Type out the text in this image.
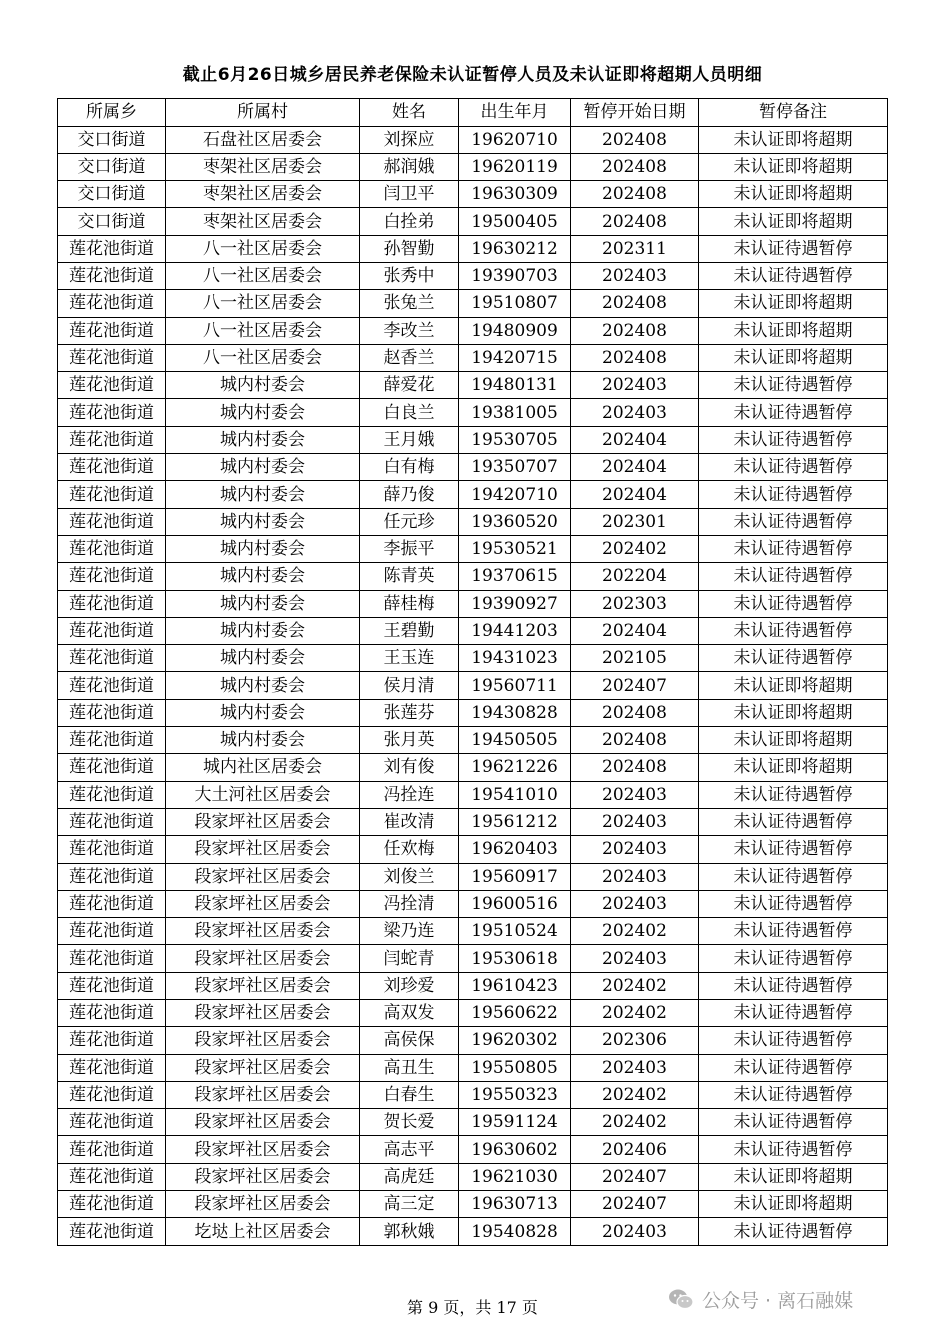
截止6月26日城乡居民养老保险未认证暂停人员及未认证即将超期人员明细
所属乡	所属村	姓名	出生年月	暂停开始日期	暂停备注
交口街道	石盘社区居委会	刘探应	19620710	202408	未认证即将超期
交口街道	枣架社区居委会	郝润娥	19620119	202408	未认证即将超期
交口街道	枣架社区居委会	闫卫平	19630309	202408	未认证即将超期
交口街道	枣架社区居委会	白拴弟	19500405	202408	未认证即将超期
莲花池街道	八一社区居委会	孙智勤	19630212	202311	未认证待遇暂停
莲花池街道	八一社区居委会	张秀中	19390703	202403	未认证待遇暂停
莲花池街道	八一社区居委会	张兔兰	19510807	202408	未认证即将超期
莲花池街道	八一社区居委会	李改兰	19480909	202408	未认证即将超期
莲花池街道	八一社区居委会	赵香兰	19420715	202408	未认证即将超期
莲花池街道	城内村委会	薛爱花	19480131	202403	未认证待遇暂停
莲花池街道	城内村委会	白良兰	19381005	202403	未认证待遇暂停
莲花池街道	城内村委会	王月娥	19530705	202404	未认证待遇暂停
莲花池街道	城内村委会	白有梅	19350707	202404	未认证待遇暂停
莲花池街道	城内村委会	薛乃俊	19420710	202404	未认证待遇暂停
莲花池街道	城内村委会	任元珍	19360520	202301	未认证待遇暂停
莲花池街道	城内村委会	李振平	19530521	202402	未认证待遇暂停
莲花池街道	城内村委会	陈青英	19370615	202204	未认证待遇暂停
莲花池街道	城内村委会	薛桂梅	19390927	202303	未认证待遇暂停
莲花池街道	城内村委会	王碧勤	19441203	202404	未认证待遇暂停
莲花池街道	城内村委会	王玉连	19431023	202105	未认证待遇暂停
莲花池街道	城内村委会	侯月清	19560711	202407	未认证即将超期
莲花池街道	城内村委会	张莲芬	19430828	202408	未认证即将超期
莲花池街道	城内村委会	张月英	19450505	202408	未认证即将超期
莲花池街道	城内社区居委会	刘有俊	19621226	202408	未认证即将超期
莲花池街道	大土河社区居委会	冯拴连	19541010	202403	未认证待遇暂停
莲花池街道	段家坪社区居委会	崔改清	19561212	202403	未认证待遇暂停
莲花池街道	段家坪社区居委会	任欢梅	19620403	202403	未认证待遇暂停
莲花池街道	段家坪社区居委会	刘俊兰	19560917	202403	未认证待遇暂停
莲花池街道	段家坪社区居委会	冯拴清	19600516	202403	未认证待遇暂停
莲花池街道	段家坪社区居委会	梁乃连	19510524	202402	未认证待遇暂停
莲花池街道	段家坪社区居委会	闫蛇青	19530618	202403	未认证待遇暂停
莲花池街道	段家坪社区居委会	刘珍爱	19610423	202402	未认证待遇暂停
莲花池街道	段家坪社区居委会	高双发	19560622	202402	未认证待遇暂停
莲花池街道	段家坪社区居委会	高侯保	19620302	202306	未认证待遇暂停
莲花池街道	段家坪社区居委会	高丑生	19550805	202403	未认证待遇暂停
莲花池街道	段家坪社区居委会	白春生	19550323	202402	未认证待遇暂停
莲花池街道	段家坪社区居委会	贺长爱	19591124	202402	未认证待遇暂停
莲花池街道	段家坪社区居委会	高志平	19630602	202406	未认证待遇暂停
莲花池街道	段家坪社区居委会	高虎廷	19621030	202407	未认证即将超期
莲花池街道	段家坪社区居委会	高三定	19630713	202407	未认证即将超期
莲花池街道	圪垯上社区居委会	郭秋娥	19540828	202403	未认证待遇暂停
第 9 页，共 17 页	公众号 · 离石融媒
